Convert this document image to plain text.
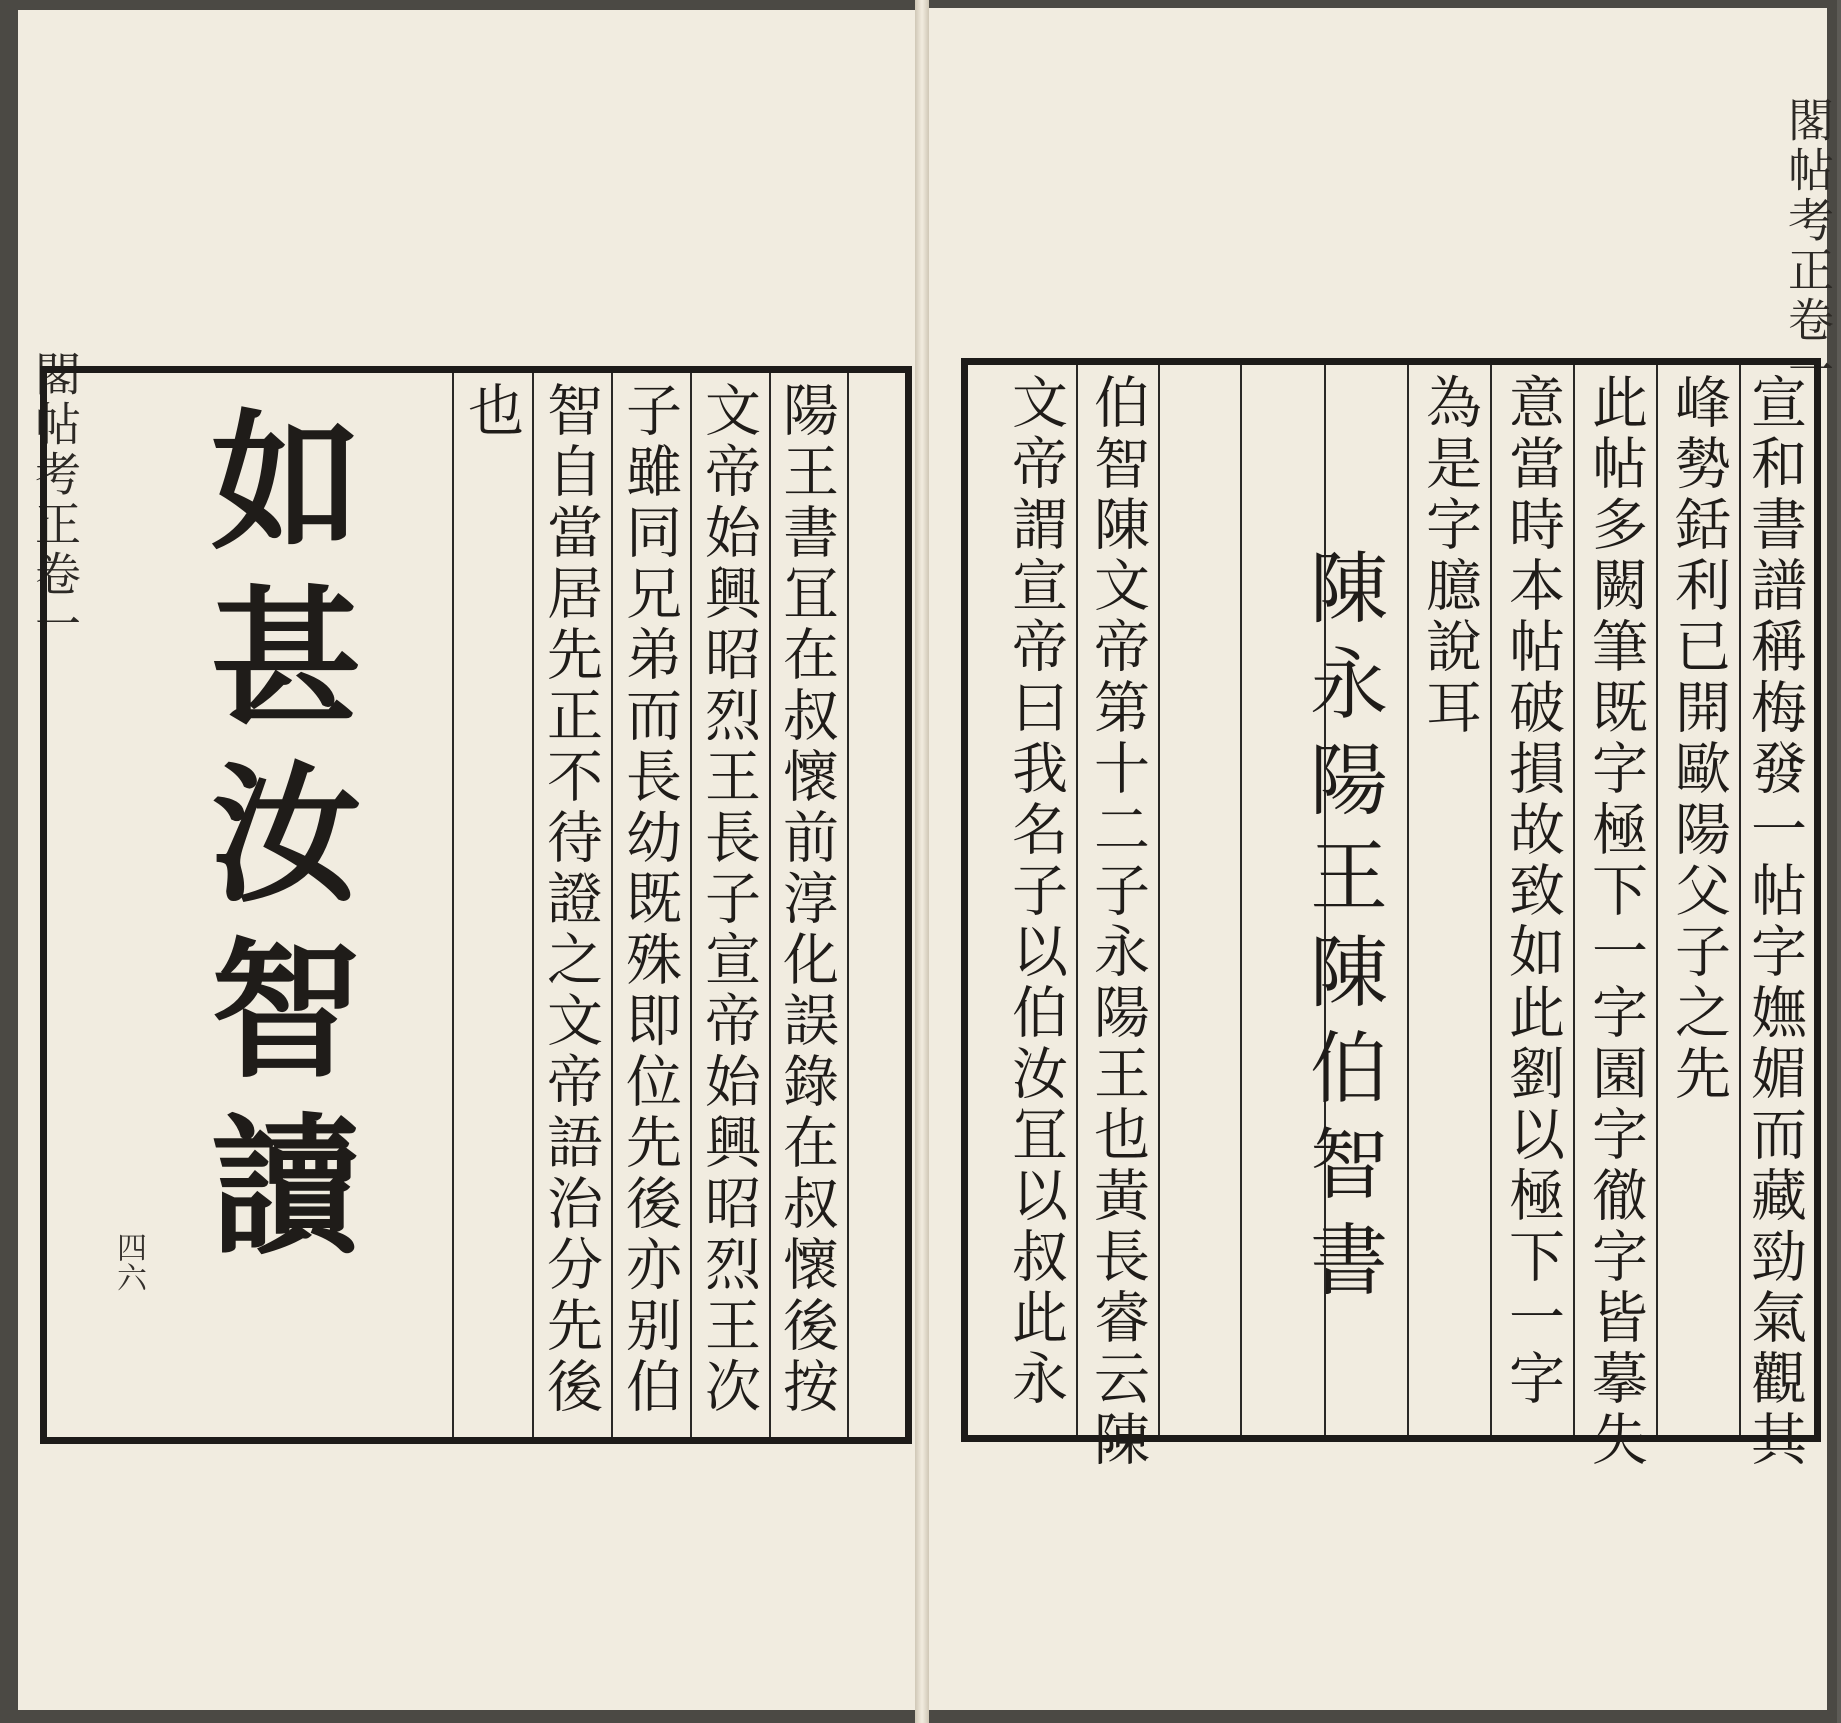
閣帖考正卷一
四六	陽王書冝在叔懷前淳化誤錄在叔懷後按
文帝始興昭烈王長子宣帝始興昭烈王次
子雖同兄弟而長幼既殊即位先後亦别伯
智自當居先正不待證之文帝語治分先後
也
如甚汝智讀
閣帖考正卷一
宣和書譜稱梅發一帖字嫵媚而藏勁氣觀其
峰勢銛利已開歐陽父子之先
此帖多闕筆既字極下一字園字徹字皆摹失
意當時本帖破損故致如此劉以極下一字
為是字臆說耳
陳永陽王陳伯智書
伯智陳文帝第十二子永陽王也黃長睿云陳
文帝謂宣帝曰我名子以伯汝冝以叔此永
